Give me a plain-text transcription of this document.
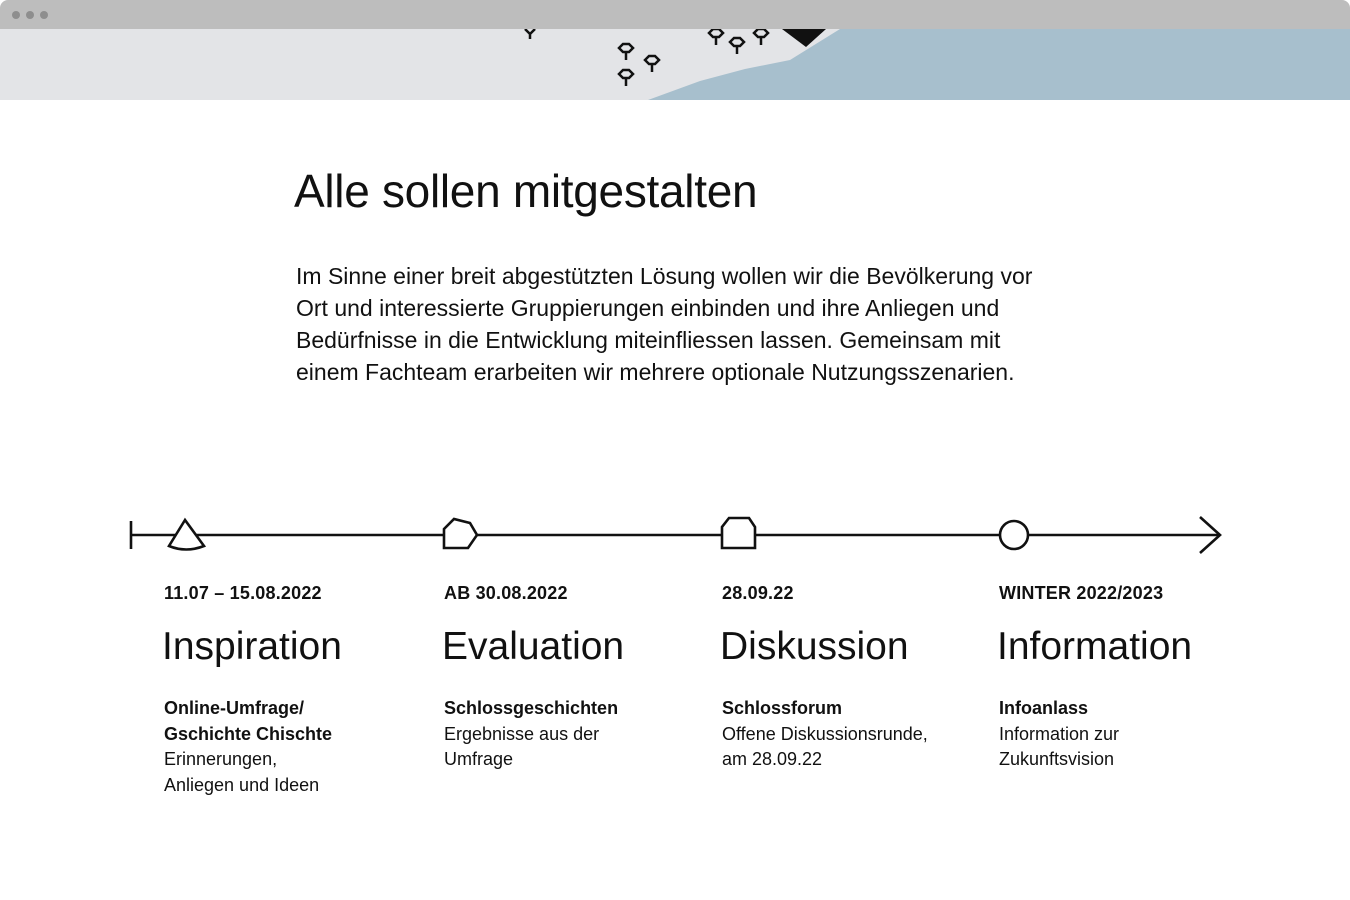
Alle sollen mitgestalten

Im Sinne einer breit abgestützten Lösung wollen wir die Bevölkerung vor Ort und interessierte Gruppierungen einbinden und ihre Anliegen und Bedürfnisse in die Entwicklung miteinfliessen lassen. Gemeinsam mit einem Fachteam erarbeiten wir mehrere optionale Nutzungsszenarien.

11.07 – 15.08.2022
Inspiration
Online-Umfrage/
Gschichte Chischte
Erinnerungen,
Anliegen und Ideen
AB 30.08.2022
Evaluation
Schlossgeschichten
Ergebnisse aus der
Umfrage
28.09.22
Diskussion
Schlossforum
Offene Diskussionsrunde,
am 28.09.22
WINTER 2022/2023
Information
Infoanlass
Information zur
Zukunftsvision
